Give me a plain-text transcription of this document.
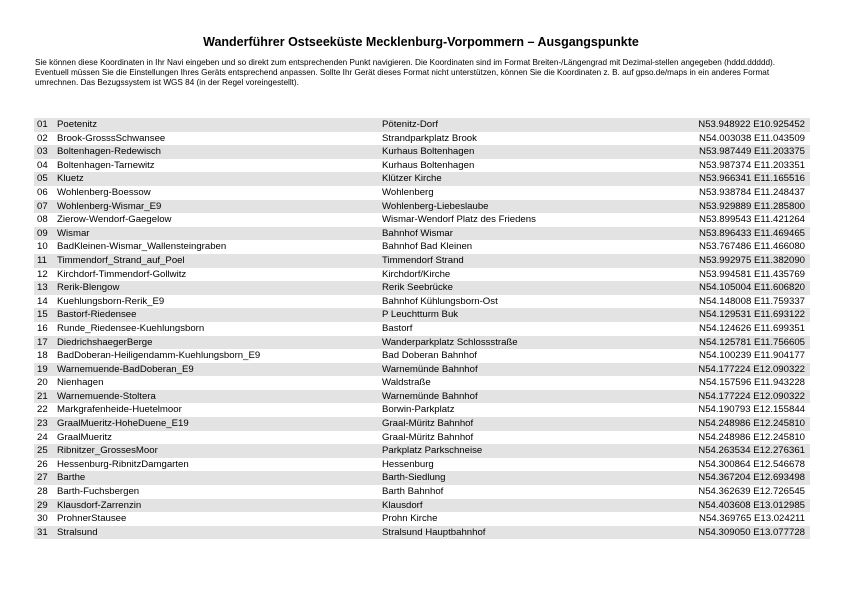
Wanderführer Ostseeküste Mecklenburg-Vorpommern – Ausgangspunkte

Sie können diese Koordinaten in Ihr Navi eingeben und so direkt zum entsprechenden Punkt navigieren. Die Koordinaten sind im Format Breiten-/Längengrad mit Dezimal-stellen angegeben (hddd.ddddd).

Eventuell müssen Sie die Einstellungen Ihres Geräts entsprechend anpassen. Sollte Ihr Gerät dieses Format nicht unterstützen, können Sie die Koordinaten z. B. auf gpso.de/maps in ein anderes Format umrechnen. Das Bezugssystem ist WGS 84 (in der Regel voreingestellt).

01 Poetenitz	Pötenitz-Dorf	N53.948922 E10.925452
02 Brook-GrosssSchwansee	Strandparkplatz Brook	N54.003038 E11.043509
03 Boltenhagen-Redewisch	Kurhaus Boltenhagen	N53.987449 E11.203375
04 Boltenhagen-Tarnewitz	Kurhaus Boltenhagen	N53.987374 E11.203351
05 Kluetz	Klützer Kirche	N53.966341 E11.165516
06 Wohlenberg-Boessow	Wohlenberg	N53.938784 E11.248437
07 Wohlenberg-Wismar_E9	Wohlenberg-Liebeslaube	N53.929889 E11.285800
08 Zierow-Wendorf-Gaegelow	Wismar-Wendorf Platz des Friedens	N53.899543 E11.421264
09 Wismar	Bahnhof Wismar	N53.896433 E11.469465
10 BadKleinen-Wismar_Wallensteingraben	Bahnhof Bad Kleinen	N53.767486 E11.466080
11 Timmendorf_Strand_auf_Poel	Timmendorf Strand	N53.992975 E11.382090
12 Kirchdorf-Timmendorf-Gollwitz	Kirchdorf/Kirche	N53.994581 E11.435769
13 Rerik-Blengow	Rerik Seebrücke	N54.105004 E11.606820
14 Kuehlungsborn-Rerik_E9	Bahnhof Kühlungsborn-Ost	N54.148008 E11.759337
15 Bastorf-Riedensee	P Leuchtturm Buk	N54.129531 E11.693122
16 Runde_Riedensee-Kuehlungsborn	Bastorf	N54.124626 E11.699351
17 DiedrichshaegerBerge	Wanderparkplatz Schlossstraße	N54.125781 E11.756605
18 BadDoberan-Heiligendamm-Kuehlungsborn_E9	Bad Doberan Bahnhof	N54.100239 E11.904177
19 Warnemuende-BadDoberan_E9	Warnemünde Bahnhof	N54.177224 E12.090322
20 Nienhagen	Waldstraße	N54.157596 E11.943228
21 Warnemuende-Stoltera	Warnemünde Bahnhof	N54.177224 E12.090322
22 Markgrafenheide-Huetelmoor	Borwin-Parkplatz	N54.190793 E12.155844
23 GraalMueritz-HoheDuene_E19	Graal-Müritz Bahnhof	N54.248986 E12.245810
24 GraalMueritz	Graal-Müritz Bahnhof	N54.248986 E12.245810
25 Ribnitzer_GrossesMoor	Parkplatz Parkschneise	N54.263534 E12.276361
26 Hessenburg-RibnitzDamgarten	Hessenburg	N54.300864 E12.546678
27 Barthe	Barth-Siedlung	N54.367204 E12.693498
28 Barth-Fuchsbergen	Barth Bahnhof	N54.362639 E12.726545
29 Klausdorf-Zarrenzin	Klausdorf	N54.403608 E13.012985
30 ProhnerStausee	Prohn Kirche	N54.369765 E13.024211
31 Stralsund	Stralsund Hauptbahnhof	N54.309050 E13.077728
